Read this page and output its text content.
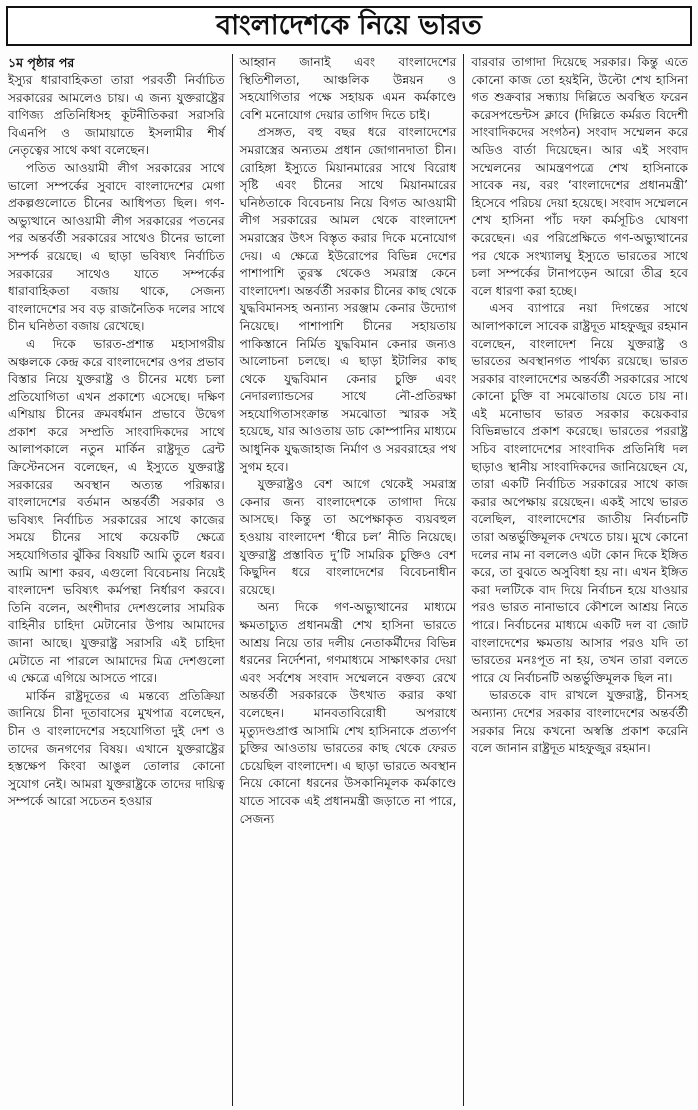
বাংলাদেশকে নিয়ে ভারত

১ম পৃষ্ঠার পর

ইস্যুর ধারাবাহিকতা তারা পরবর্তী নির্বাচিত সরকারের আমলেও চায়। এ জন্য যুক্তরাষ্ট্রের বাণিজ্য প্রতিনিধিসহ কূটনীতিকরা সরাসরি বিএনপি ও জামায়াতে ইসলামীর শীর্ষ নেতৃত্বের সাথে কথা বলেছেন।

পতিত আওয়ামী লীগ সরকারের সাথে ভালো সম্পর্কের সুবাদে বাংলাদেশের মেগা প্রকল্পগুলোতে চীনের আধিপত্য ছিল। গণ-অভ্যুত্থানে আওয়ামী লীগ সরকারের পতনের পর অন্তর্বর্তী সরকারের সাথেও চীনের ভালো সম্পর্ক রয়েছে। এ ছাড়া ভবিষ্যৎ নির্বাচিত সরকারের সাথেও যাতে সম্পর্কের ধারাবাহিকতা বজায় থাকে, সেজন্য বাংলাদেশের সব বড় রাজনৈতিক দলের সাথে চীন ঘনিষ্ঠতা বজায় রেখেছে।

এ দিকে ভারত-প্রশান্ত মহাসাগরীয় অঞ্চলকে কেন্দ্র করে বাংলাদেশের ওপর প্রভাব বিস্তার নিয়ে যুক্তরাষ্ট্র ও চীনের মধ্যে চলা প্রতিযোগিতা এখন প্রকাশ্যে এসেছে। দক্ষিণ এশিয়ায় চীনের ক্রমবর্ধমান প্রভাবে উদ্বেগ প্রকাশ করে সম্প্রতি সাংবাদিকদের সাথে আলাপকালে নতুন মার্কিন রাষ্ট্রদূত ব্রেন্ট ক্রিস্টেনসেন বলেছেন, এ ইস্যুতে যুক্তরাষ্ট্র সরকারের অবস্থান অত্যন্ত পরিষ্কার। বাংলাদেশের বর্তমান অন্তর্বর্তী সরকার ও ভবিষ্যৎ নির্বাচিত সরকারের সাথে কাজের সময়ে চীনের সাথে কয়েকটি ক্ষেত্রে সহযোগিতার ঝুঁকির বিষয়টি আমি তুলে ধরব। আমি আশা করব, এগুলো বিবেচনায় নিয়েই বাংলাদেশ ভবিষ্যৎ কর্মপন্থা নির্ধারণ করবে। তিনি বলেন, অংশীদার দেশগুলোর সামরিক বাহিনীর চাহিদা মেটানোর উপায় আমাদের জানা আছে। যুক্তরাষ্ট্র সরাসরি এই চাহিদা মেটাতে না পারলে আমাদের মিত্র দেশগুলো এ ক্ষেত্রে এগিয়ে আসতে পারে।

মার্কিন রাষ্ট্রদূতের এ মন্তব্যে প্রতিক্রিয়া জানিয়ে চীনা দূতাবাসের মুখপাত্র বলেছেন, চীন ও বাংলাদেশের সহযোগিতা দুই দেশ ও তাদের জনগণের বিষয়। এখানে যুক্তরাষ্ট্রের হস্তক্ষেপ কিংবা আঙুল তোলার কোনো সুযোগ নেই। আমরা যুক্তরাষ্ট্রকে তাদের দায়িত্ব সম্পর্কে আরো সচেতন হওয়ার

আহ্বান জানাই এবং বাংলাদেশের স্থিতিশীলতা, আঞ্চলিক উন্নয়ন ও সহযোগিতার পক্ষে সহায়ক এমন কর্মকাণ্ডে বেশি মনোযোগ দেয়ার তাগিদ দিতে চাই।

প্রসঙ্গত, বহু বছর ধরে বাংলাদেশের সমরাস্ত্রের অন্যতম প্রধান জোগানদাতা চীন। রোহিঙ্গা ইস্যুতে মিয়ানমারের সাথে বিরোধ সৃষ্টি এবং চীনের সাথে মিয়ানমারের ঘনিষ্ঠতাকে বিবেচনায় নিয়ে বিগত আওয়ামী লীগ সরকারের আমল থেকে বাংলাদেশ সমরাস্ত্রের উৎস বিস্তৃত করার দিকে মনোযোগ দেয়। এ ক্ষেত্রে ইউরোপের বিভিন্ন দেশের পাশাপাশি তুরস্ক থেকেও সমরাস্ত্র কেনে বাংলাদেশ। অন্তর্বর্তী সরকার চীনের কাছ থেকে যুদ্ধবিমানসহ অন্যান্য সরঞ্জাম কেনার উদ্যোগ নিয়েছে। পাশাপাশি চীনের সহায়তায় পাকিস্তানে নির্মিত যুদ্ধবিমান কেনার জন্যও আলোচনা চলছে। এ ছাড়া ইটালির কাছ থেকে যুদ্ধবিমান কেনার চুক্তি এবং নেদারল্যান্ডসের সাথে নৌ-প্রতিরক্ষা সহযোগিতাসংক্রান্ত সমঝোতা স্মারক সই হয়েছে, যার আওতায় ডাচ কোম্পানির মাধ্যমে আধুনিক যুদ্ধজাহাজ নির্মাণ ও সরবরাহের পথ সুগম হবে।

যুক্তরাষ্ট্রও বেশ আগে থেকেই সমরাস্ত্র কেনার জন্য বাংলাদেশকে তাগাদা দিয়ে আসছে। কিন্তু তা অপেক্ষাকৃত ব্যয়বহুল হওয়ায় বাংলাদেশ ‘ধীরে চল’ নীতি নিয়েছে। যুক্তরাষ্ট্র প্রস্তাবিত দু’টি সামরিক চুক্তিও বেশ কিছুদিন ধরে বাংলাদেশের বিবেচনাধীন রয়েছে।

অন্য দিকে গণ-অভ্যুত্থানের মাধ্যমে ক্ষমতাচ্যুত প্রধানমন্ত্রী শেখ হাসিনা ভারতে আশ্রয় নিয়ে তার দলীয় নেতাকর্মীদের বিভিন্ন ধরনের নির্দেশনা, গণমাধ্যমে সাক্ষাৎকার দেয়া এবং সর্বশেষ সংবাদ সম্মেলনে বক্তব্য রেখে অন্তর্বর্তী সরকারকে উৎখাত করার কথা বলেছেন। মানবতাবিরোধী অপরাধে মৃত্যুদণ্ডপ্রাপ্ত আসামি শেখ হাসিনাকে প্রত্যর্পণ চুক্তির আওতায় ভারতের কাছ থেকে ফেরত চেয়েছিল বাংলাদেশ। এ ছাড়া ভারতে অবস্থান নিয়ে কোনো ধরনের উসকানিমূলক কর্মকাণ্ডে যাতে সাবেক এই প্রধানমন্ত্রী জড়াতে না পারে, সেজন্য

বারবার তাগাদা দিয়েছে সরকার। কিন্তু এতে কোনো কাজ তো হয়ইনি, উল্টো শেখ হাসিনা গত শুক্রবার সন্ধ্যায় দিল্লিতে অবস্থিত ফরেন করেসপন্ডেন্টস ক্লাবে (দিল্লিতে কর্মরত বিদেশী সাংবাদিকদের সংগঠন) সংবাদ সম্মেলন করে অডিও বার্তা দিয়েছেন। আর এই সংবাদ সম্মেলনের আমন্ত্রণপত্রে শেখ হাসিনাকে সাবেক নয়, বরং ‘বাংলাদেশের প্রধানমন্ত্রী’ হিসেবে পরিচয় দেয়া হয়েছে। সংবাদ সম্মেলনে শেখ হাসিনা পাঁচ দফা কর্মসূচিও ঘোষণা করেছেন। এর পরিপ্রেক্ষিতে গণ-অভ্যুত্থানের পর থেকে সংখ্যালঘু ইস্যুতে ভারতের সাথে চলা সম্পর্কের টানাপড়েন আরো তীব্র হবে বলে ধারণা করা হচ্ছে।

এসব ব্যাপারে নয়া দিগন্তের সাথে আলাপকালে সাবেক রাষ্ট্রদূত মাহফুজুর রহমান বলেছেন, বাংলাদেশ নিয়ে যুক্তরাষ্ট্র ও ভারতের অবস্থানগত পার্থক্য রয়েছে। ভারত সরকার বাংলাদেশের অন্তর্বর্তী সরকারের সাথে কোনো চুক্তি বা সমঝোতায় যেতে চায় না। এই মনোভাব ভারত সরকার কয়েকবার বিভিন্নভাবে প্রকাশ করেছে। ভারতের পররাষ্ট্র সচিব বাংলাদেশের সাংবাদিক প্রতিনিধি দল ছাড়াও স্থানীয় সাংবাদিকদের জানিয়েছেন যে, তারা একটি নির্বাচিত সরকারের সাথে কাজ করার অপেক্ষায় রয়েছেন। একই সাথে ভারত বলেছিল, বাংলাদেশের জাতীয় নির্বাচনটি তারা অন্তর্ভুক্তিমূলক দেখতে চায়। মুখে কোনো দলের নাম না বললেও এটা কোন দিকে ইঙ্গিত করে, তা বুঝতে অসুবিধা হয় না। এখন ইঙ্গিত করা দলটিকে বাদ দিয়ে নির্বাচন হয়ে যাওয়ার পরও ভারত নানাভাবে কৌশলে আশ্রয় নিতে পারে। নির্বাচনের মাধ্যমে একটি দল বা জোট বাংলাদেশের ক্ষমতায় আসার পরও যদি তা ভারতের মনঃপূত না হয়, তখন তারা বলতে পারে যে নির্বাচনটি অন্তর্ভুক্তিমূলক ছিল না।

ভারতকে বাদ রাখলে যুক্তরাষ্ট্র, চীনসহ অন্যান্য দেশের সরকার বাংলাদেশের অন্তর্বর্তী সরকার নিয়ে কখনো অস্বস্তি প্রকাশ করেনি বলে জানান রাষ্ট্রদূত মাহফুজুর রহমান।
